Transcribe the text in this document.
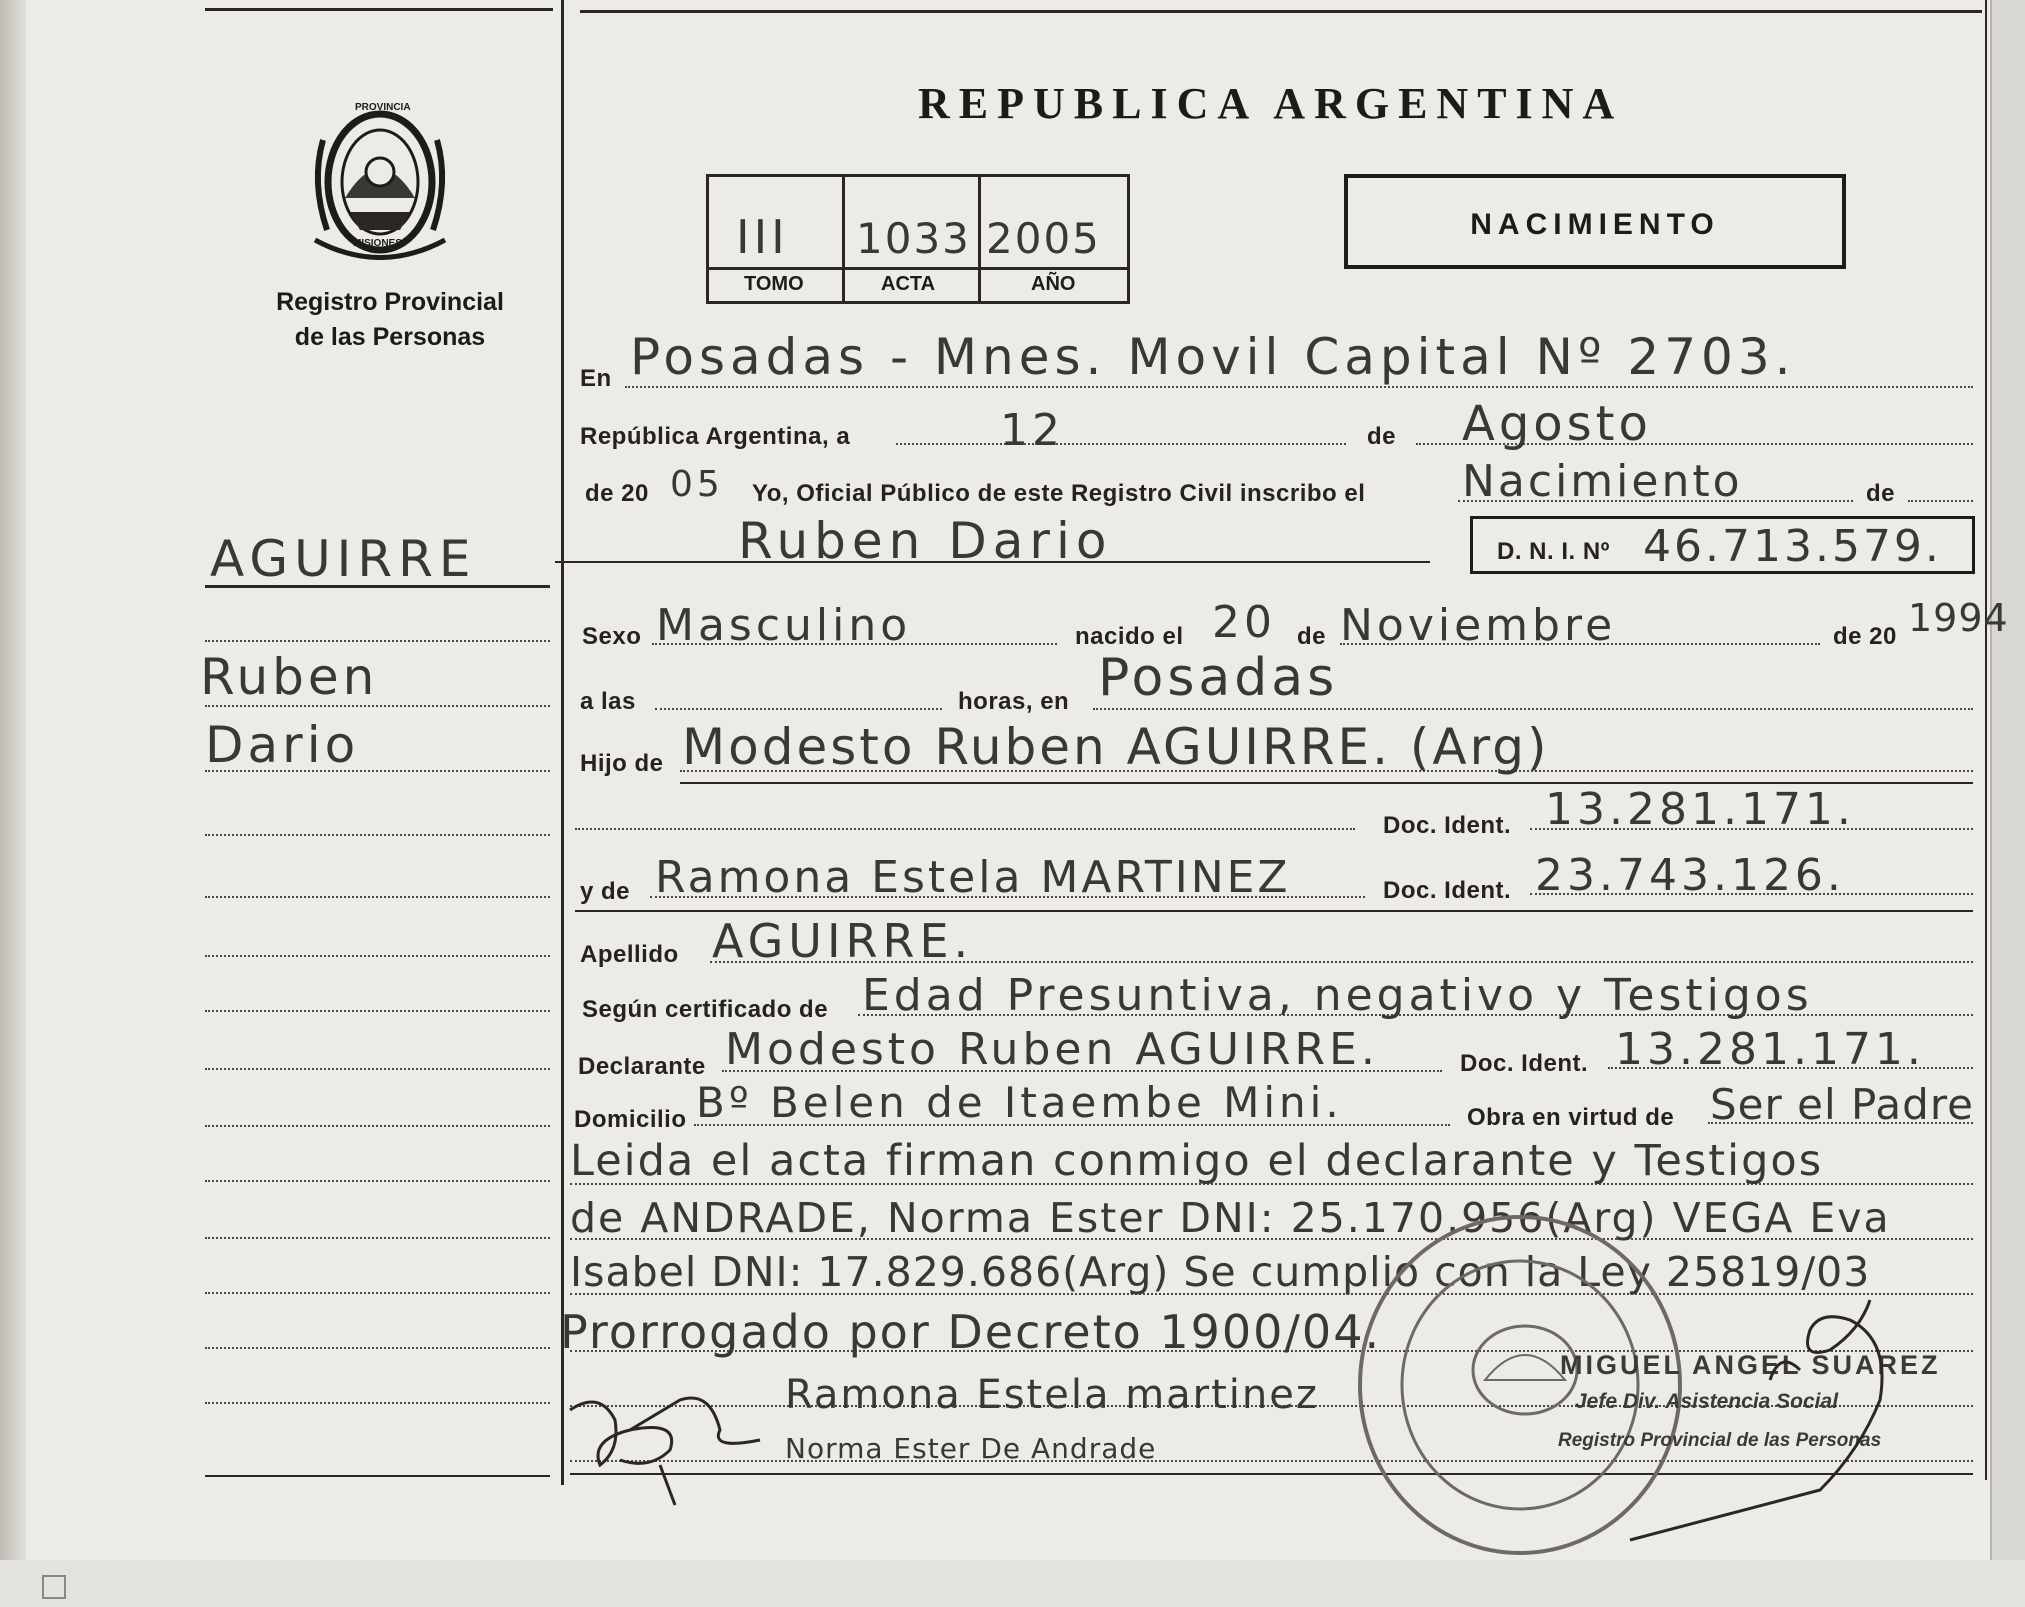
PROVINCIA
MISIONES
Registro Provincial
de las Personas
REPUBLICA ARGENTINA
III 1033 2005
TOMO	ACTA	AÑO
NACIMIENTO
AGUIRRE
Ruben
Dario
En Posadas - Mnes. Movil Capital Nº 2703.
República Argentina, a	12	de Agosto
de 20 05 Yo, Oficial Público de este Registro Civil inscribo el Nacimiento	de
Ruben Dario	D. N. I. Nº 46.713.579.
Sexo Masculino	nacido el 20 de Noviembre	de 20 1994
a las	horas, en Posadas
Hijo de Modesto Ruben AGUIRRE. (Arg)
Doc. Ident. 13.281.171.
y de Ramona Estela MARTINEZ	Doc. Ident. 23.743.126.
Apellido AGUIRRE.
Según certificado de Edad Presuntiva, negativo y Testigos
Declarante Modesto Ruben AGUIRRE.	Doc. Ident. 13.281.171.
Domicilio Bº Belen de Itaembe Mini.	Obra en virtud de Ser el Padre
Leida el acta firman conmigo el declarante y Testigos
de ANDRADE, Norma Ester DNI: 25.170.956(Arg) VEGA Eva
Isabel DNI: 17.829.686(Arg) Se cumplio con la Ley 25819/03
Prorrogado por Decreto 1900/04.
Ramona Estela martinez
Norma Ester De Andrade
MIGUEL ANGEL SUAREZ
Jefe Div. Asistencia Social
Registro Provincial de las Personas
